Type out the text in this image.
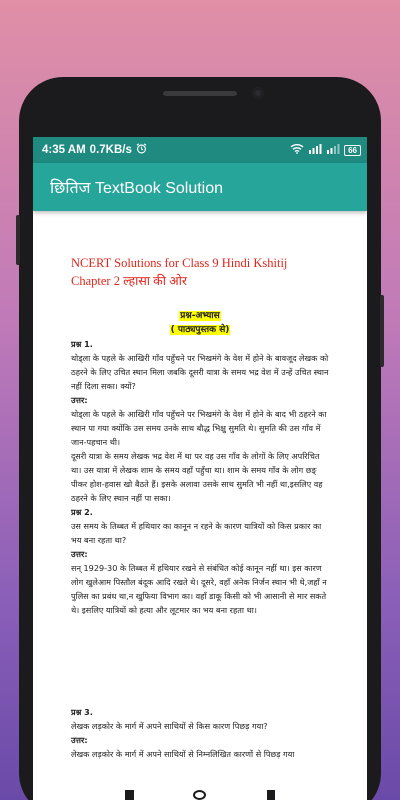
4:35 AM 0.7KB/s	66
छितिज TextBook Solution
NCERT Solutions for Class 9 Hindi Kshitij Chapter 2 ल्हासा की ओर
प्रश्न-अभ्यास
( पाठ्यपुस्तक से)
प्रश्न 1.
थोड्ला के पहले के आखिरी गाँव पहुँचने पर भिखमंगे के वेश में होने के बावजूद लेखक को ठहरने के लिए उचित स्थान मिला जबकि दूसरी यात्रा के समय भद्र वेश में उन्हें उचित स्थान नहीं दिला सका। क्यों?
उत्तर:
थोड्ला के पहले के आखिरी गाँव पहुँचने पर भिखमंगे के वेश में होने के बाद भी ठहरने का स्थान पा गया क्योंकि उस समय उनके साथ बौद्ध भिक्षु सुमति थे। सुमति की उस गाँव में जान-पहचान थी।
दूसरी यात्रा के समय लेखक भद्र वेश में था पर वह उस गाँव के लोगों के लिए अपरिचित था। उस यात्रा में लेखक शाम के समय वहाँ पहुँचा था। शाम के समय गाँव के लोग छङ् पीकर होश-हवास खो बैठते हैं। इसके अलावा उसके साथ सुमति भी नहीं था,इसलिए वह ठहरने के लिए स्थान नहीं पा सका।
प्रश्न 2.
उस समय के तिब्बत में हथियार का कानून न रहने के कारण यात्रियों को किस प्रकार का भय बना रहता था?
उत्तर:
सन् 1929-30 के तिब्बत में हथियार रखने से संबंधित कोई कानून नहीं था। इस कारण लोग खुलेआम पिस्तौल बंदूक आदि रखते थे। दूसरे, वहाँ अनेक निर्जन स्थान भी थे,जहाँ न पुलिस का प्रबंध था,न खुफिया विभाग का। वहाँ डाकू किसी को भी आसानी से मार सकते थे। इसलिए यात्रियों को हत्या और लूटमार का भय बना रहता था।
प्रश्न 3.
लेखक लड़कोर के मार्ग में अपने साथियों से किस कारण पिछड़ गया?
उत्तर:
लेखक लड़कोर के मार्ग में अपने साथियों से निम्नलिखित कारणों से पिछड़ गया
